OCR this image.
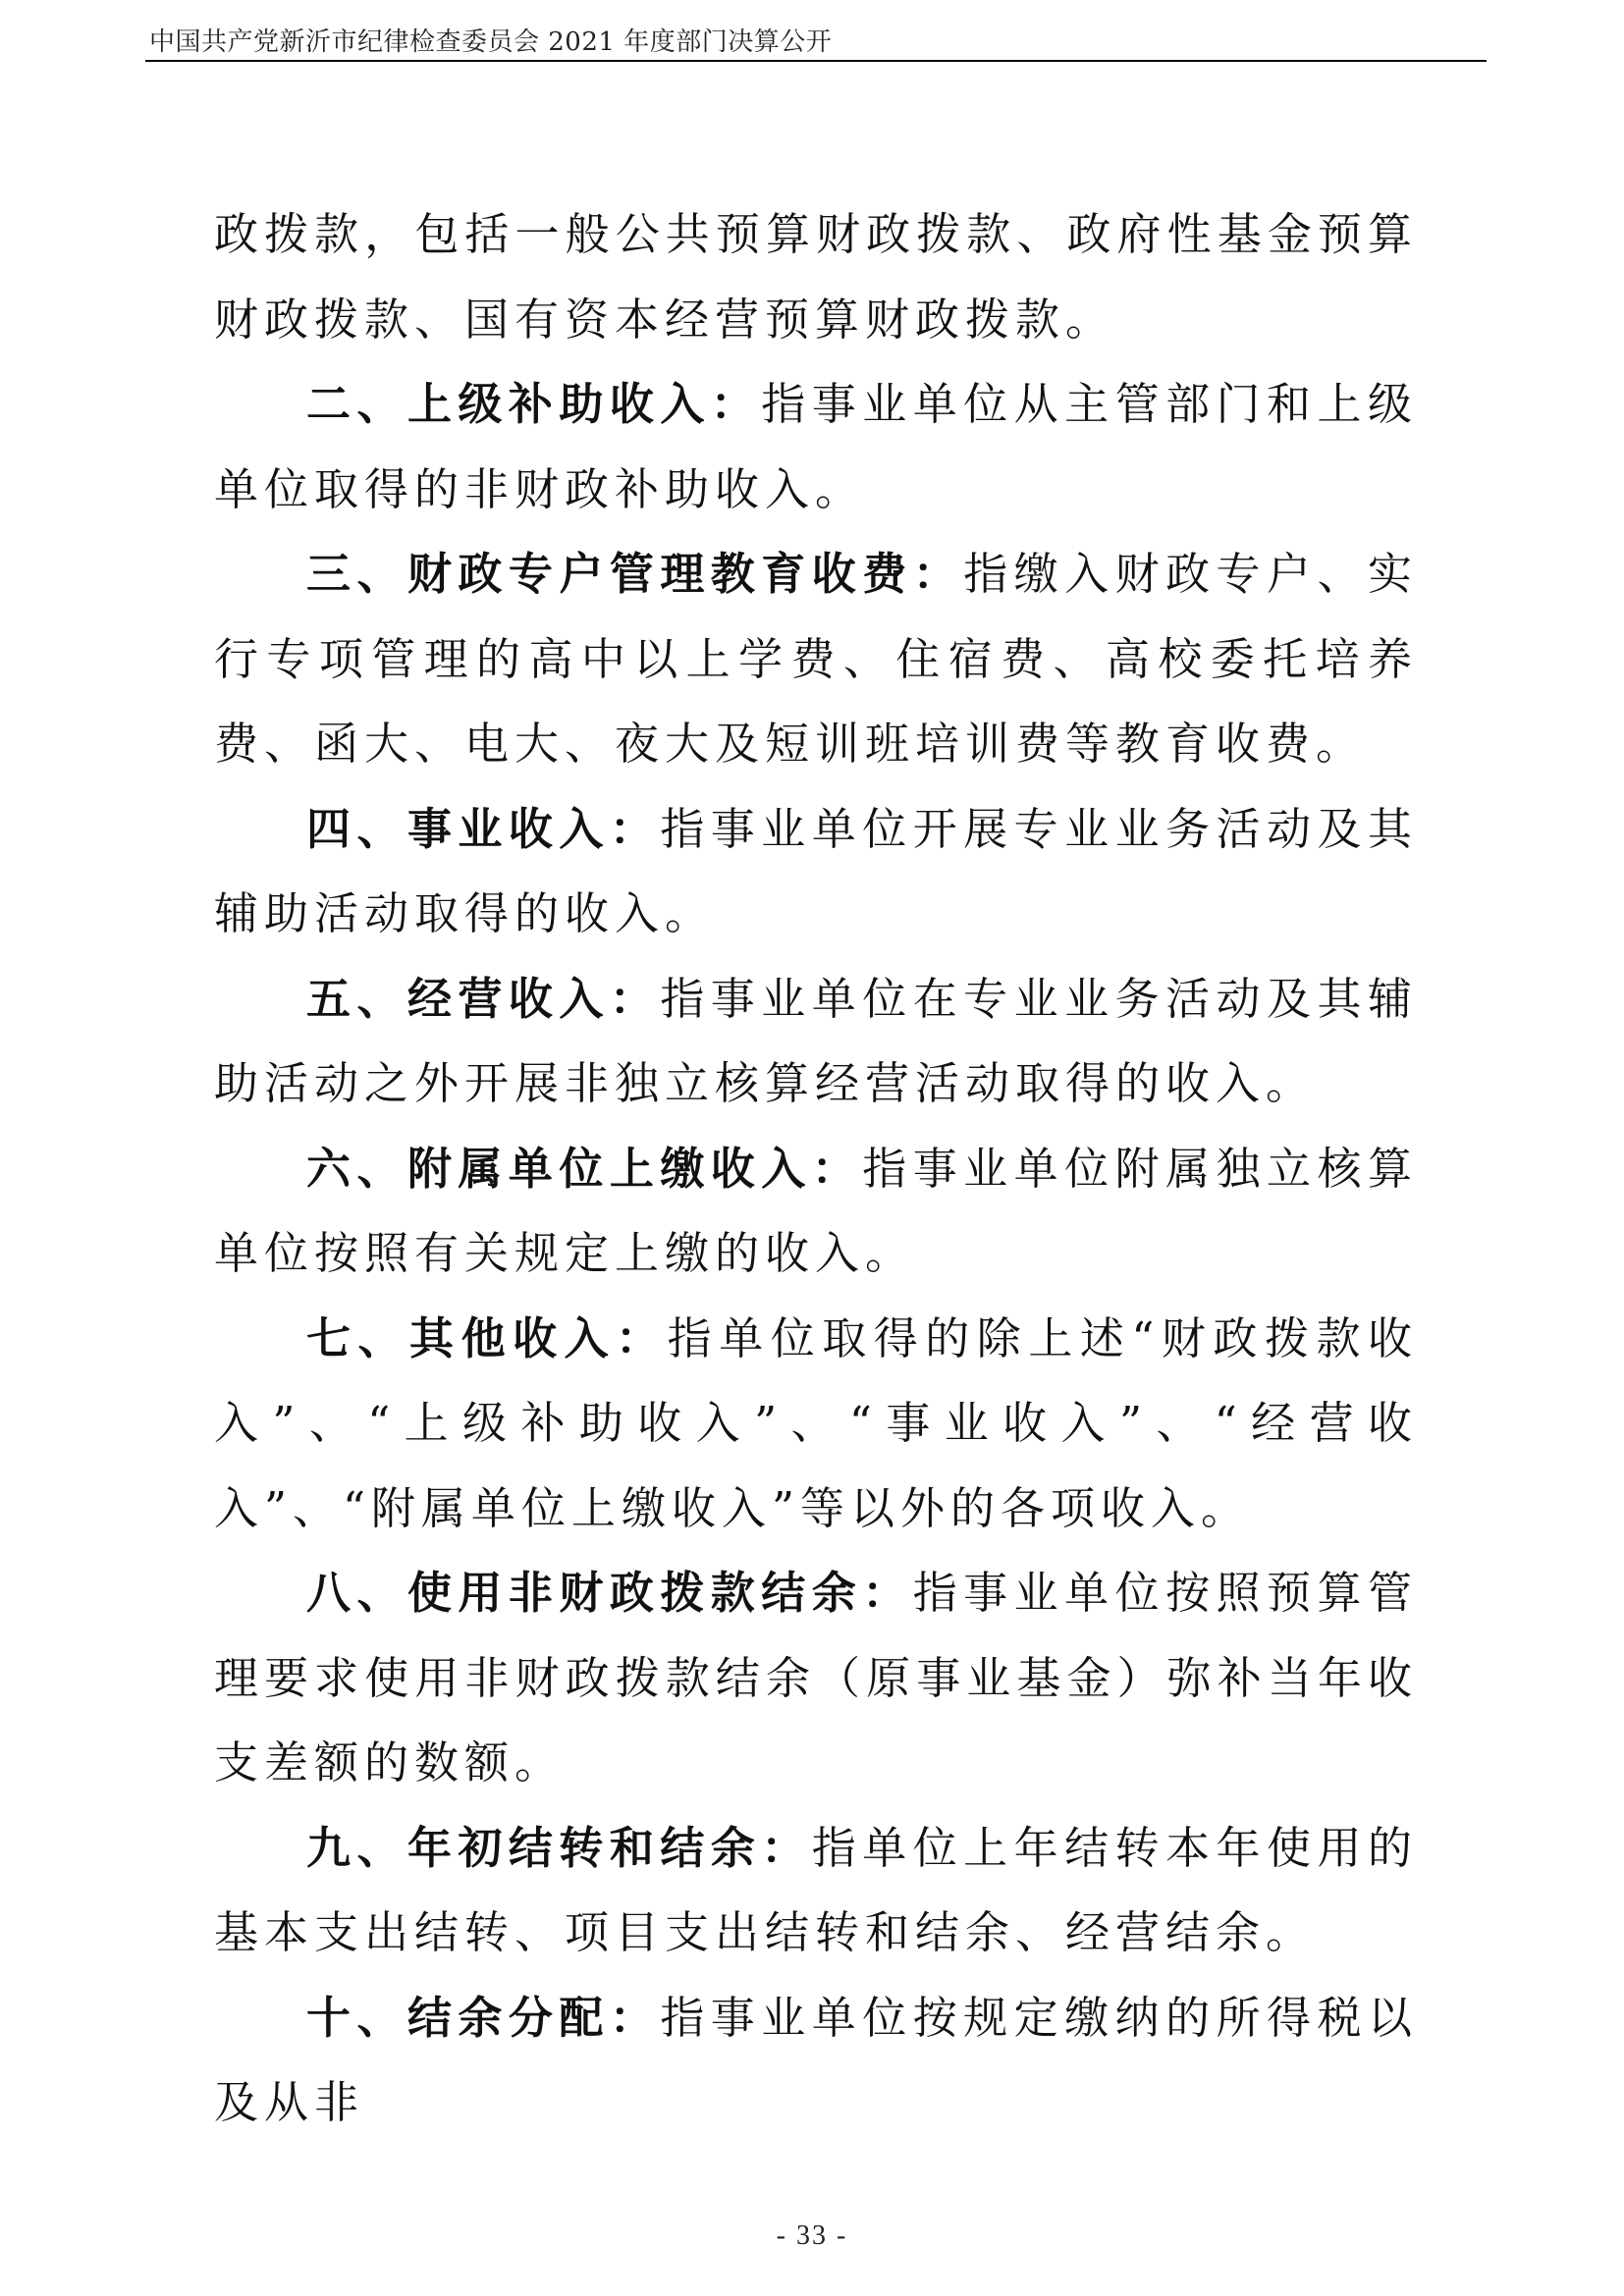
中国共产党新沂市纪律检查委员会 2021 年度部门决算公开

政拨款，包括一般公共预算财政拨款、政府性基金预算财政拨款、国有资本经营预算财政拨款。

二、上级补助收入：指事业单位从主管部门和上级单位取得的非财政补助收入。

三、财政专户管理教育收费：指缴入财政专户、实行专项管理的高中以上学费、住宿费、高校委托培养费、函大、电大、夜大及短训班培训费等教育收费。

四、事业收入：指事业单位开展专业业务活动及其辅助活动取得的收入。

五、经营收入：指事业单位在专业业务活动及其辅助活动之外开展非独立核算经营活动取得的收入。

六、附属单位上缴收入：指事业单位附属独立核算单位按照有关规定上缴的收入。

七、其他收入：指单位取得的除上述“财政拨款收入”、“上级补助收入”、“事业收入”、“经营收入”、“附属单位上缴收入”等以外的各项收入。

八、使用非财政拨款结余：指事业单位按照预算管理要求使用非财政拨款结余（原事业基金）弥补当年收支差额的数额。

九、年初结转和结余：指单位上年结转本年使用的基本支出结转、项目支出结转和结余、经营结余。

十、结余分配：指事业单位按规定缴纳的所得税以及从非

- 33 -
